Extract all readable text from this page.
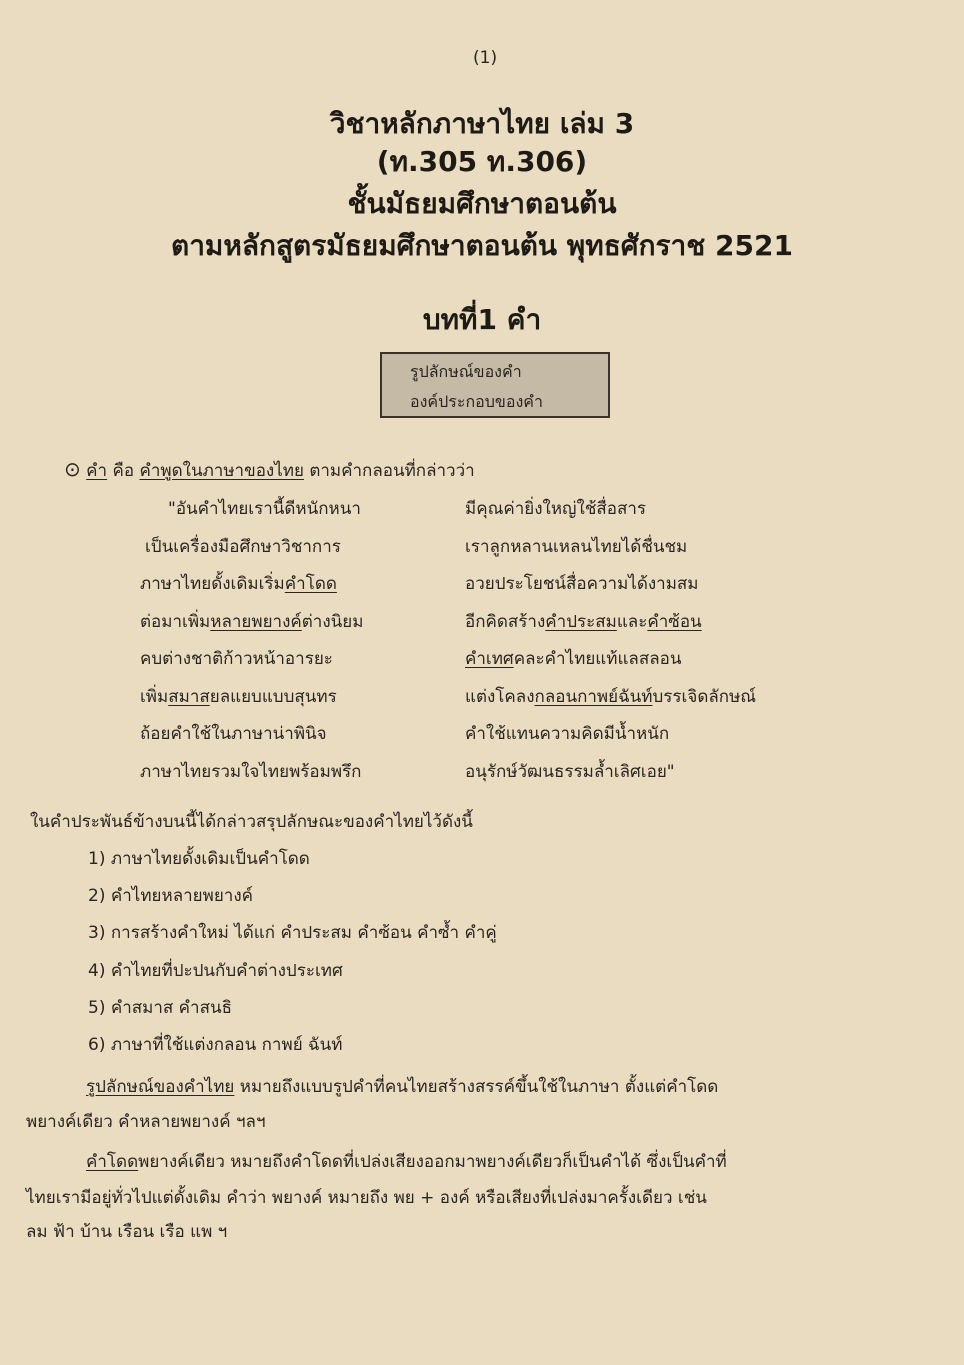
(1)
วิชาหลักภาษาไทย เล่ม 3
(ท.305 ท.306)
ชั้นมัธยมศึกษาตอนต้น
ตามหลักสูตรมัธยมศึกษาตอนต้น พุทธศักราช 2521
บทที่1 คำ
รูปลักษณ์ของคำ
องค์ประกอบของคำ
⊙ คำ คือ คำพูดในภาษาของไทย ตามคำกลอนที่กล่าวว่า
"อันคำไทยเรานี้ดีหนักหนา	มีคุณค่ายิ่งใหญ่ใช้สื่อสาร
เป็นเครื่องมือศึกษาวิชาการ	เราลูกหลานเหลนไทยได้ชื่นชม
ภาษาไทยดั้งเดิมเริ่มคำโดด	อวยประโยชน์สื่อความได้งามสม
ต่อมาเพิ่มหลายพยางค์ต่างนิยม	อีกคิดสร้างคำประสมและคำซ้อน
คบต่างชาติก้าวหน้าอารยะ	คำเทศคละคำไทยแท้แลสลอน
เพิ่มสมาสยลแยบแบบสุนทร	แต่งโคลงกลอนกาพย์ฉันท์บรรเจิดลักษณ์
ถ้อยคำใช้ในภาษาน่าพินิจ	คำใช้แทนความคิดมีน้ำหนัก
ภาษาไทยรวมใจไทยพร้อมพรึก	อนุรักษ์วัฒนธรรมล้ำเลิศเอย"
ในคำประพันธ์ข้างบนนี้ได้กล่าวสรุปลักษณะของคำไทยไว้ดังนี้
1) ภาษาไทยดั้งเดิมเป็นคำโดด
2) คำไทยหลายพยางค์
3) การสร้างคำใหม่ ได้แก่ คำประสม คำซ้อน คำซ้ำ คำคู่
4) คำไทยที่ปะปนกับคำต่างประเทศ
5) คำสมาส คำสนธิ
6) ภาษาที่ใช้แต่งกลอน กาพย์ ฉันท์
รูปลักษณ์ของคำไทย หมายถึงแบบรูปคำที่คนไทยสร้างสรรค์ขึ้นใช้ในภาษา ตั้งแต่คำโดด
พยางค์เดียว คำหลายพยางค์ ฯลฯ
คำโดดพยางค์เดียว หมายถึงคำโดดที่เปล่งเสียงออกมาพยางค์เดียวก็เป็นคำได้ ซึ่งเป็นคำที่
ไทยเรามีอยู่ทั่วไปแต่ดั้งเดิม คำว่า พยางค์ หมายถึง พย + องค์ หรือเสียงที่เปล่งมาครั้งเดียว เช่น
ลม ฟ้า บ้าน เรือน เรือ แพ ฯ
